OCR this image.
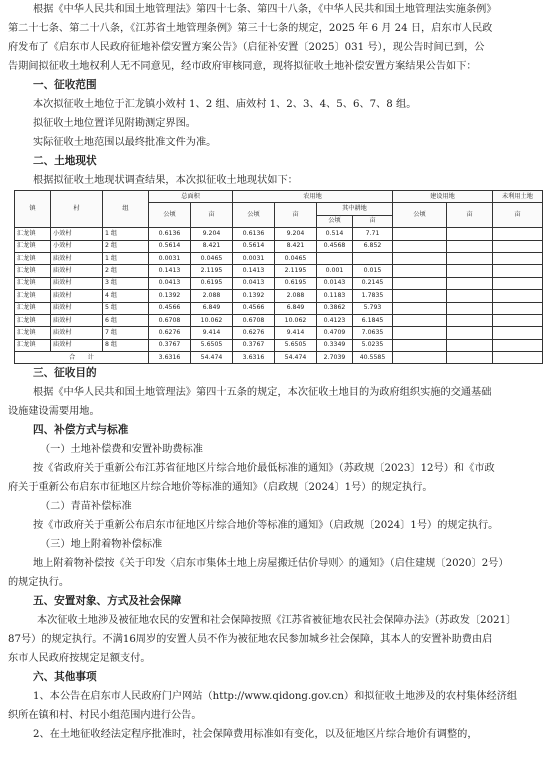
根据《中华人民共和国土地管理法》第四十七条、第四十八条，《中华人民共和国土地管理法实施条例》
第二十七条、第二十八条，《江苏省土地管理条例》第三十七条的规定，2025 年 6 月 24 日，启东市人民政
府发布了《启东市人民政府征地补偿安置方案公告》（启征补安置〔2025〕031 号），现公告时间已到，公
告期间拟征收土地权利人无不同意见，经市政府审核同意，现将拟征收土地补偿安置方案结果公告如下：
一、征收范围
本次拟征收土地位于汇龙镇小效村 1、2 组、庙效村 1、2、3、4、5、6、7、8 组。
拟征收土地位置详见附勘测定界图。
实际征收土地范围以最终批准文件为准。
二、土地现状
根据拟征收土地现状调查结果，本次拟征收土地现状如下：
镇	村	组	总面积		农用地				建设用地		未利用土地
			公顷	亩	公顷	亩	其中耕地		公顷	亩	亩
							公顷	亩			
汇龙镇	小效村	1 组	0.6136	9.204	0.6136	9.204	0.514	7.71			
汇龙镇	小效村	2 组	0.5614	8.421	0.5614	8.421	0.4568	6.852			
汇龙镇	庙效村	1 组	0.0031	0.0465	0.0031	0.0465					
汇龙镇	庙效村	2 组	0.1413	2.1195	0.1413	2.1195	0.001	0.015			
汇龙镇	庙效村	3 组	0.0413	0.6195	0.0413	0.6195	0.0143	0.2145			
汇龙镇	庙效村	4 组	0.1392	2.088	0.1392	2.088	0.1183	1.7835			
汇龙镇	庙效村	5 组	0.4566	6.849	0.4566	6.849	0.3862	5.793			
汇龙镇	庙效村	6 组	0.6708	10.062	0.6708	10.062	0.4123	6.1845			
汇龙镇	庙效村	7 组	0.6276	9.414	0.6276	9.414	0.4709	7.0635			
汇龙镇	庙效村	8 组	0.3767	5.6505	0.3767	5.6505	0.3349	5.0235			
合　　计			3.6316	54.474	3.6316	54.474	2.7039	40.5585			
三、征收目的
根据《中华人民共和国土地管理法》第四十五条的规定，本次征收土地目的为政府组织实施的交通基础
设施建设需要用地。
四、补偿方式与标准
（一）土地补偿费和安置补助费标准
按《省政府关于重新公布江苏省征地区片综合地价最低标准的通知》（苏政规〔2023〕12号）和《市政
府关于重新公布启东市征地区片综合地价等标准的通知》（启政规〔2024〕1号）的规定执行。
（二）青苗补偿标准
按《市政府关于重新公布启东市征地区片综合地价等标准的通知》（启政规〔2024〕1号）的规定执行。
（三）地上附着物补偿标准
地上附着物补偿按《关于印发〈启东市集体土地上房屋搬迁估价导则〉的通知》（启住建规〔2020〕2号）
的规定执行。
五、安置对象、方式及社会保障
本次征收土地涉及被征地农民的安置和社会保障按照《江苏省被征地农民社会保障办法》（苏政发〔2021〕
87号）的规定执行。不满16周岁的安置人员不作为被征地农民参加城乡社会保障，其本人的安置补助费由启
东市人民政府按规定足额支付。
六、其他事项
1、本公告在启东市人民政府门户网站（http://www.qidong.gov.cn）和拟征收土地涉及的农村集体经济组
织所在镇和村、村民小组范围内进行公告。
2、在土地征收经法定程序批准时，社会保障费用标准如有变化，以及征地区片综合地价有调整的，
